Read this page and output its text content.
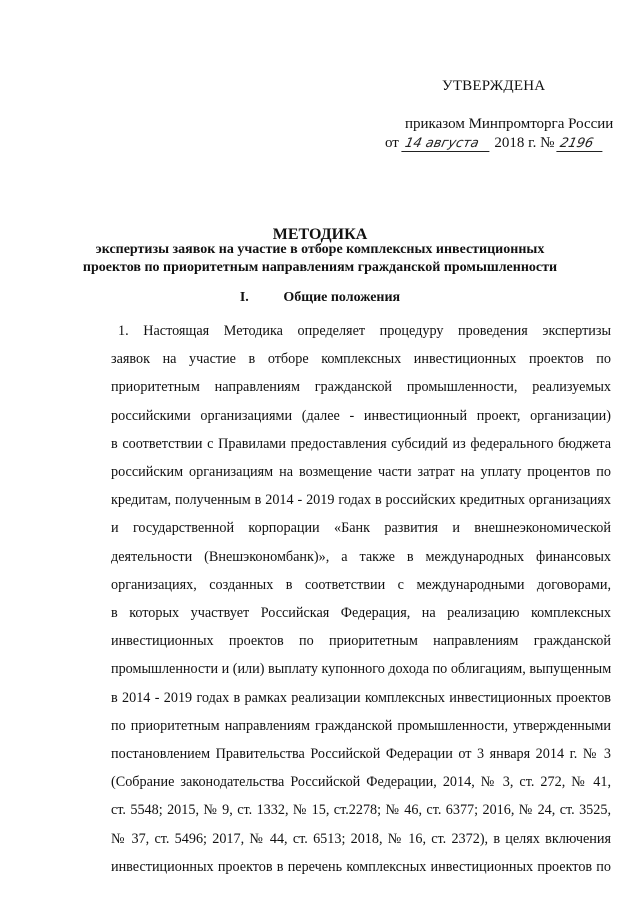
УТВЕРЖДЕНА
приказом Минпромторга России
от 14 августа 2018 г. № 2196
МЕТОДИКА
экспертизы заявок на участие в отборе комплексных инвестиционных
проектов по приоритетным направлениям гражданской промышленности
I. Общие положения
1. Настоящая Методика определяет процедуру проведения экспертизы
заявок на участие в отборе комплексных инвестиционных проектов по
приоритетным направлениям гражданской промышленности, реализуемых
российскими организациями (далее - инвестиционный проект, организации)
в соответствии с Правилами предоставления субсидий из федерального бюджета
российским организациям на возмещение части затрат на уплату процентов по
кредитам, полученным в 2014 - 2019 годах в российских кредитных организациях
и государственной корпорации «Банк развития и внешнеэкономической
деятельности (Внешэкономбанк)», а также в международных финансовых
организациях, созданных в соответствии с международными договорами,
в которых участвует Российская Федерация, на реализацию комплексных
инвестиционных проектов по приоритетным направлениям гражданской
промышленности и (или) выплату купонного дохода по облигациям, выпущенным
в 2014 - 2019 годах в рамках реализации комплексных инвестиционных проектов
по приоритетным направлениям гражданской промышленности, утвержденными
постановлением Правительства Российской Федерации от 3 января 2014 г. № 3
(Собрание законодательства Российской Федерации, 2014, № 3, ст. 272, № 41,
ст. 5548; 2015, № 9, ст. 1332, № 15, ст.2278; № 46, ст. 6377; 2016, № 24, ст. 3525,
№ 37, ст. 5496; 2017, № 44, ст. 6513; 2018, № 16, ст. 2372), в целях включения
инвестиционных проектов в перечень комплексных инвестиционных проектов по
